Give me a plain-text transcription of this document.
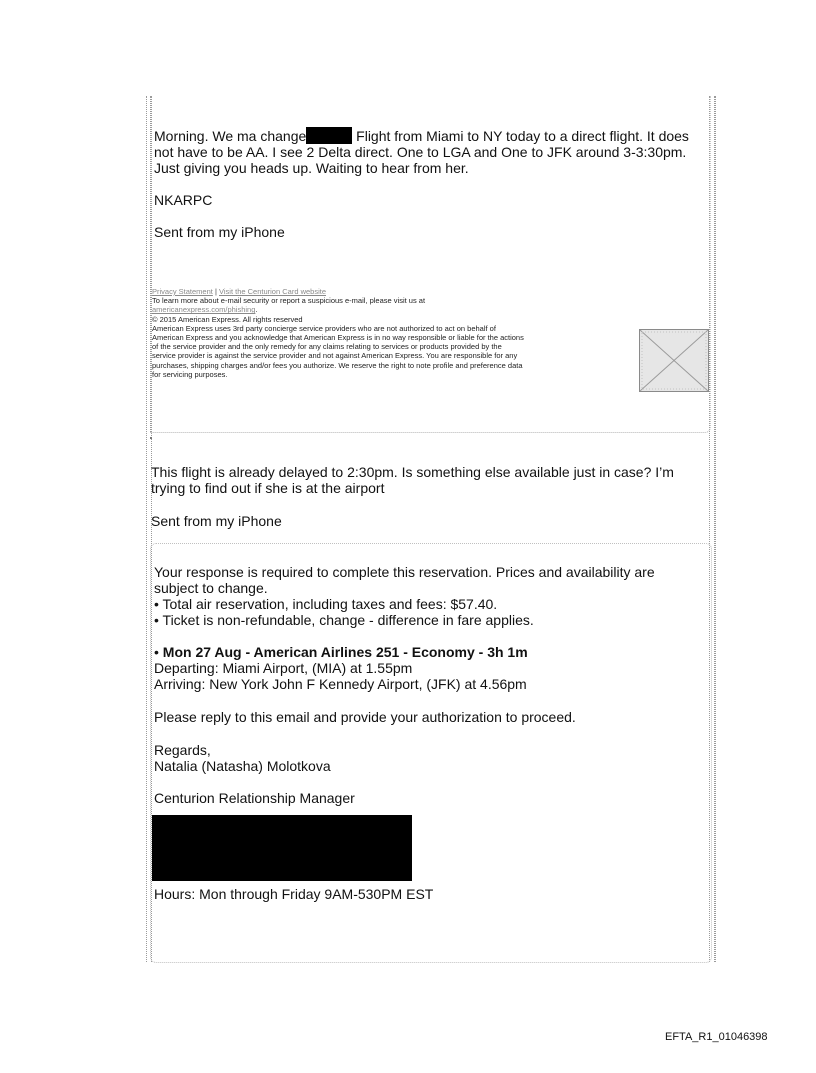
Morning. We ma change	Flight from Miami to NY today to a direct flight. It does
not have to be AA. I see 2 Delta direct. One to LGA and One to JFK around 3-3:30pm.
Just giving you heads up. Waiting to hear from her.
NKARPC
Sent from my iPhone
Privacy Statement | Visit the Centurion Card website
To learn more about e-mail security or report a suspicious e-mail, please visit us at
americanexpress.com/phishing.
© 2015 American Express. All rights reserved
American Express uses 3rd party concierge service providers who are not authorized to act on behalf of
American Express and you acknowledge that American Express is in no way responsible or liable for the actions
of the service provider and the only remedy for any claims relating to services or products provided by the
service provider is against the service provider and not against American Express. You are responsible for any
purchases, shipping charges and/or fees you authorize. We reserve the right to note profile and preference data
for servicing purposes.
This flight is already delayed to 2:30pm. Is something else available just in case? I’m
trying to find out if she is at the airport
Sent from my iPhone
Your response is required to complete this reservation. Prices and availability are
subject to change.
• Total air reservation, including taxes and fees: $57.40.
• Ticket is non-refundable, change - difference in fare applies.
• Mon 27 Aug - American Airlines 251 - Economy - 3h 1m
Departing: Miami Airport, (MIA) at 1.55pm
Arriving: New York John F Kennedy Airport, (JFK) at 4.56pm
Please reply to this email and provide your authorization to proceed.
Regards,
Natalia (Natasha) Molotkova
Centurion Relationship Manager
Hours: Mon through Friday 9AM-530PM EST
EFTA_R1_01046398
